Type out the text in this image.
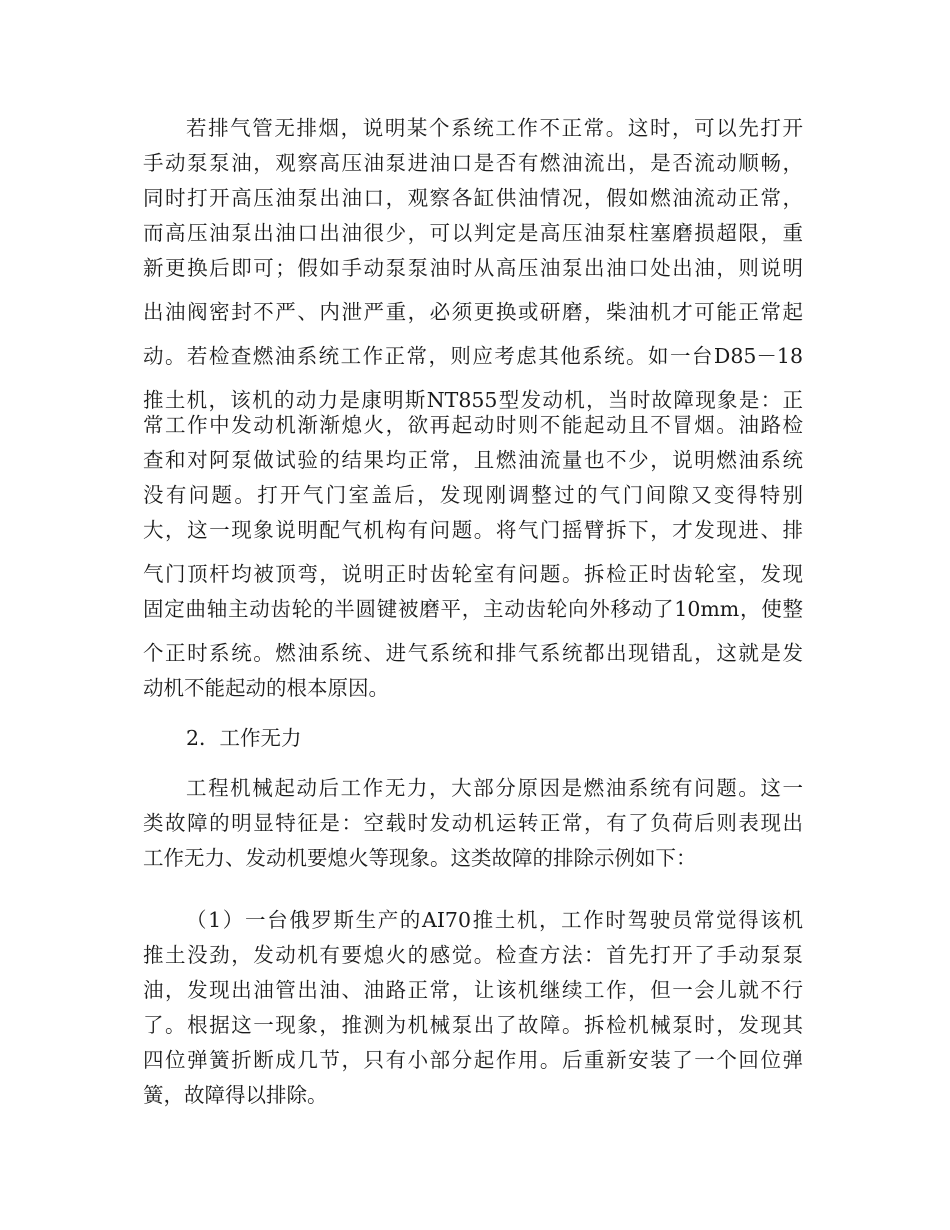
若排气管无排烟，说明某个系统工作不正常。这时，可以先打开
手动泵泵油，观察高压油泵进油口是否有燃油流出，是否流动顺畅，
同时打开高压油泵出油口，观察各缸供油情况，假如燃油流动正常，
而高压油泵出油口出油很少，可以判定是高压油泵柱塞磨损超限，重
新更换后即可；假如手动泵泵油时从高压油泵出油口处出油，则说明
出油阀密封不严、内泄严重，必须更换或研磨，柴油机才可能正常起
动。若检查燃油系统工作正常，则应考虑其他系统。如一台D85－18
推土机，该机的动力是康明斯NT855型发动机，当时故障现象是：正
常工作中发动机渐渐熄火，欲再起动时则不能起动且不冒烟。油路检
查和对阿泵做试验的结果均正常，且燃油流量也不少，说明燃油系统
没有问题。打开气门室盖后，发现刚调整过的气门间隙又变得特别
大，这一现象说明配气机构有问题。将气门摇臂拆下，才发现进、排
气门顶杆均被顶弯，说明正时齿轮室有问题。拆检正时齿轮室，发现
固定曲轴主动齿轮的半圆键被磨平，主动齿轮向外移动了10mm，使整
个正时系统。燃油系统、进气系统和排气系统都出现错乱，这就是发
动机不能起动的根本原因。
2．工作无力
工程机械起动后工作无力，大部分原因是燃油系统有问题。这一
类故障的明显特征是：空载时发动机运转正常，有了负荷后则表现出
工作无力、发动机要熄火等现象。这类故障的排除示例如下：
（1）一台俄罗斯生产的AI70推土机，工作时驾驶员常觉得该机
推土没劲，发动机有要熄火的感觉。检查方法：首先打开了手动泵泵
油，发现出油管出油、油路正常，让该机继续工作，但一会儿就不行
了。根据这一现象，推测为机械泵出了故障。拆检机械泵时，发现其
四位弹簧折断成几节，只有小部分起作用。后重新安装了一个回位弹
簧，故障得以排除。
